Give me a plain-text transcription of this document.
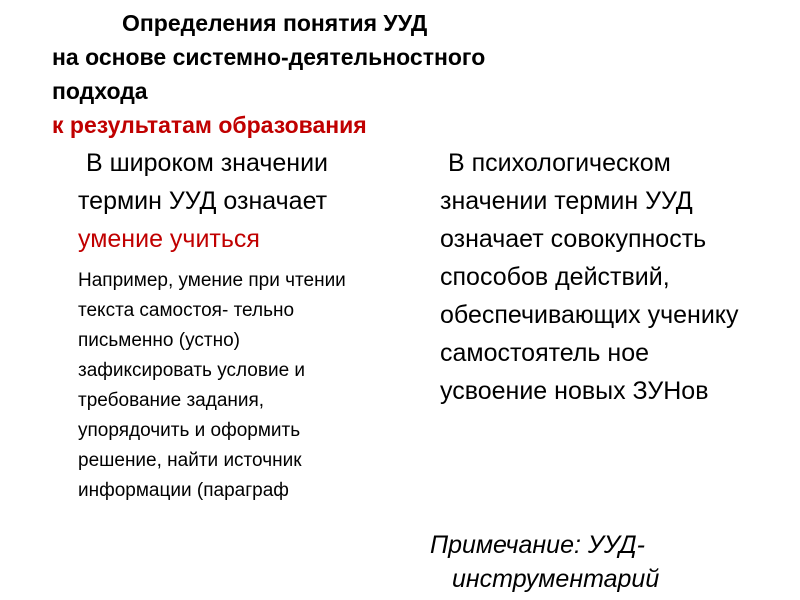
Определения понятия УУД
на основе системно-деятельностного
подхода
к результатам образования

В широком значении термин УУД означает умение учиться

Например, умение при чтении текста самостоя- тельно письменно (устно) зафиксировать условие и требование задания, упорядочить и оформить решение, найти источник информации (параграф

В психологическом значении термин УУД означает совокупность способов действий, обеспечивающих ученику самостоятель ное усвоение новых ЗУНов

Примечание: УУД-
инструментарий
